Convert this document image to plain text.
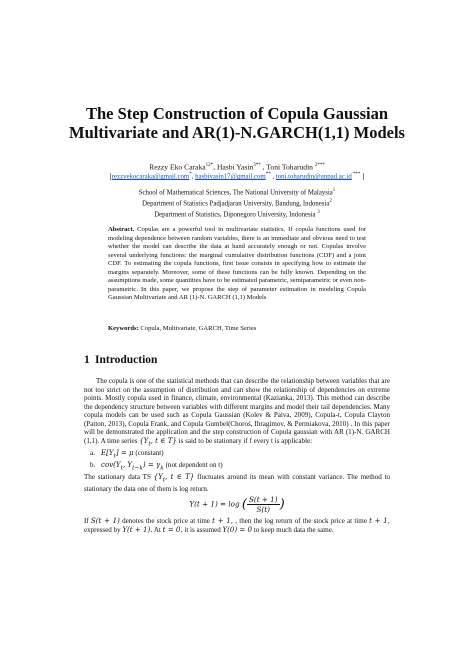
The Step Construction of Copula Gaussian
Multivariate and AR(1)-N.GARCH(1,1) Models
Rezzy Eko Caraka$^{12*}$, Hasbi Yasin$^{3**}$ , Toni Toharudin $^{2***}$
[rezzyekocaraka@gmail.com*, hasbiyasin17@gmail.com** , toni.toharudin@unpad.ac.id *** ]
School of Mathematical Sciences, The National University of Malaysia$^1$
Department of Statistics Padjadjaran University, Bandung, Indonesia$^2$
Department of Statistics, Diponegoro University, Indonesia $^3$
Abstract. Copulas are a powerful tool in multivariate statistics. If copula functions used for modeling dependence between random variables, there is an immediate and obvious need to test whether the model can describe the data at hand accurately enough or not. Copulas involve several underlying functions: the marginal cumulative distribution functions (CDF) and a joint CDF. To estimating the copula functions, first issue consists in specifying how to estimate the margins separately. Moreover, some of these functions can be fully known. Depending on the assumptions made, some quantities have to be estimated parametric, semiparametric or even non-parametric. In this paper, we propose the step of parameter estimation in modeling Copula Gaussian Multivariate and AR (1)-N. GARCH (1,1) Models
Keywords: Copula, Multivariate, GARCH, Time Series
1 Introduction

The copula is one of the statistical methods that can describe the relationship between variables that are not too strict on the assumption of distribution and can show the relationship of dependencies on extreme points. Mostly copula used in finance, climate, environmental (Kazianka, 2013). This method can describe the dependency structure between variables with different margins and model their tail dependencies. Many copula models can be used such as Copula Gaussian (Kolev & Paiva, 2009), Copula-t, Copula Clayton (Patton, 2013), Copula Frank, and Copula Gumbel(Choroś, Ibragimov, & Permiakova, 2010) . In this paper will be demonstrated the application and the step construction of Copula gaussian with AR (1)-N. GARCH (1,1). A time series {$Y_t$, t ∈ T} is said to be stationary if f every t is applicable:

a. $E[Y_t] = \mu$ (constant)

b. $cov(Y_t$, $Y_{t-k}) = \gamma_k$ (not dependent on t)

The stationary data TS {$Y_t$, t ∈ T} fluctuates around its mean with constant variance. The method to stationary the data one of them is log return.

Y(t + 1) = log ( $\frac{S(t + 1)}{S(t)}$ )

If S(t + 1) denotes the stock price at time t + 1, , then the log return of the stock price at time t + 1, expressed by Y(t + 1). At t = 0, it is assumed Y(0) = 0 to keep much data the same.
